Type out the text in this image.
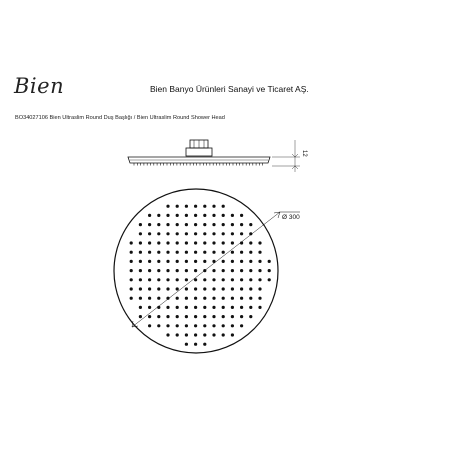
Bien	Bien Banyo Ürünleri Sanayi ve Ticaret AŞ.
BO34027106 Bien Ultraslim Round Duş Başlığı / Bien Ultraslim Round Shower Head
12
Ø 300
